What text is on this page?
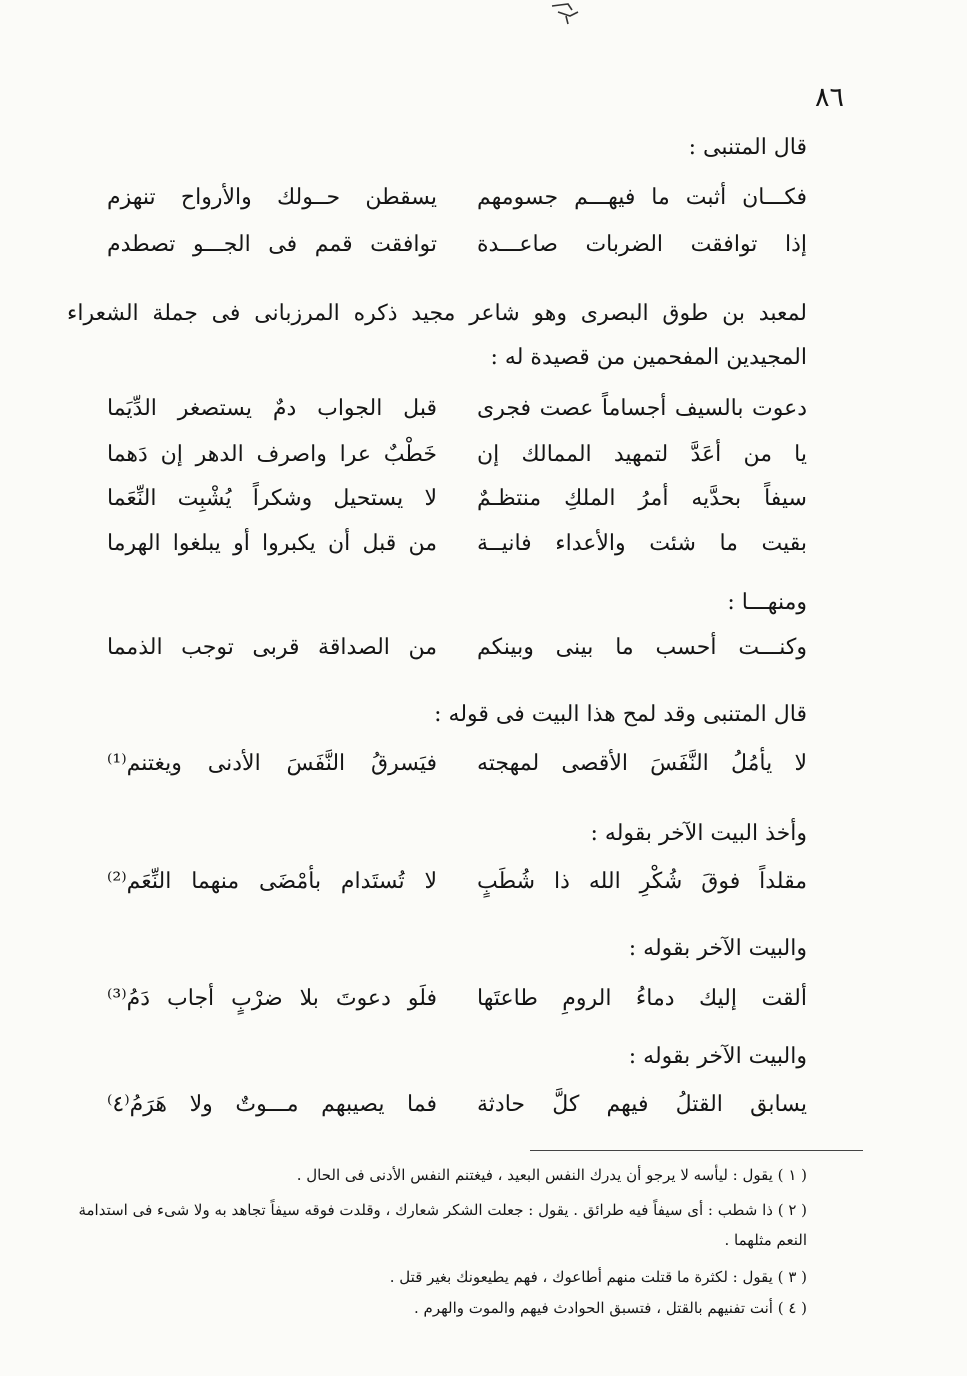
٨٦
قال المتنبى :
فكـــان أثبت ما فيهـــم جسومهم
يسقطن حــولك والأرواح تنهزم
إذا توافقت الضربات صاعـــدة
توافقت قمم فى الجـــو تصطدم
لمعبد بن طوق البصرى وهو شاعر مجيد ذكره المرزبانى فى جملة الشعراء المجيدين المفحمين من قصيدة له :
دعوت بالسيف أجساماً عصت فجرى
قبل الجواب دمٌ يستصغر الدِّيَما
يا من أعَدَّ لتمهيد الممالك إن
خَطْبٌ عرا واصرف الدهر إن دَهما
سيفاً بحدَّيه أمرُ الملكِ منتظـمٌ
لا يستحيل وشكراً يُشْبِت النِّعَما
بقيت ما شئت والأعداء فانيــة
من قبل أن يكبروا أو يبلغوا الهرما
ومنهـــا :
وكنـــت أحسب ما بينى وبينكم
من الصداقة قربى توجب الذمما
قال المتنبى وقد لمح هذا البيت فى قوله :
لا يأمُلُ النَّفَسَ الأقصى لمهجته
فيَسرقُ النَّفَسَ الأدنى ويغتنم⁽¹⁾
وأخذ البيت الآخر بقوله :
مقلداً فوقَ شُكْرِ الله ذا شُطَبٍ
لا تُستَدام بأمْضَى منهما النِّعَم⁽²⁾
والبيت الآخر بقوله :
ألقت إليك دماءُ الرومِ طاعتَها
فلَو دعوتَ بلا ضرْبٍ أجاب دَمُ⁽³⁾
والبيت الآخر بقوله :
يسابق القتلُ فيهم كلَّ حادثة
فما يصيبهم مـــوتٌ ولا هَرَمُ⁽٤⁾
( ١ ) يقول : ليأسه لا يرجو أن يدرك النفس البعيد ، فيغتنم النفس الأدنى فى الحال .
( ٢ ) ذا شطب : أى سيفاً فيه طرائق . يقول : جعلت الشكر شعارك ، وقلدت فوقه سيفاً تجاهد به ولا شىء فى استدامة النعم مثلهما .
( ٣ ) يقول : لكثرة ما قتلت منهم أطاعوك ، فهم يطيعونك بغير قتل .
( ٤ ) أنت تفنيهم بالقتل ، فتسبق الحوادث فيهم والموت والهرم .
